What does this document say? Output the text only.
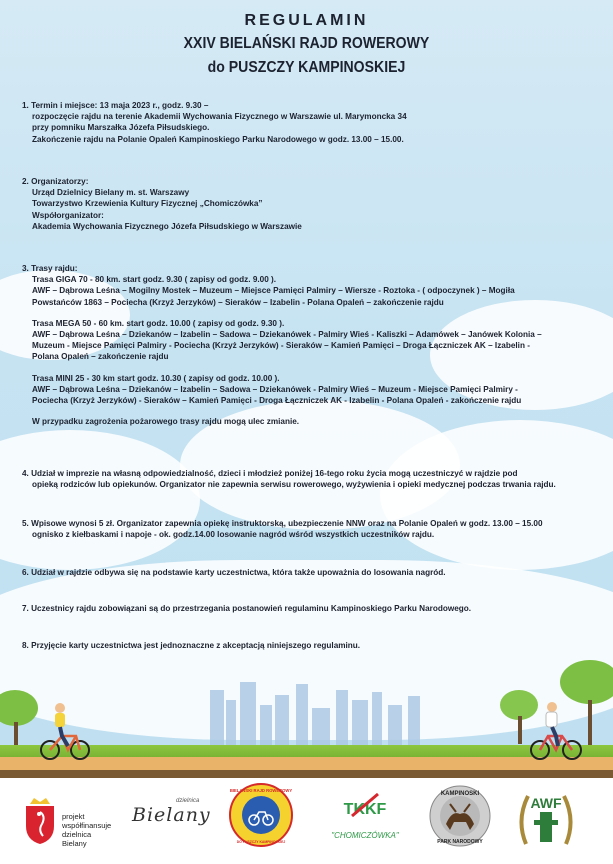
REGULAMIN
XXIV BIELAŃSKI RAJD ROWEROWY
do PUSZCZY KAMPINOSKIEJ
1. Termin i miejsce: 13 maja 2023 r., godz. 9.30 –
rozpoczęcie rajdu na terenie Akademii Wychowania Fizycznego w Warszawie ul. Marymoncka 34
przy pomniku Marszałka Józefa Piłsudskiego.
Zakończenie rajdu na Polanie Opaleń Kampinoskiego Parku Narodowego w godz. 13.00 – 15.00.
2. Organizatorzy:
Urząd Dzielnicy Bielany m. st. Warszawy
Towarzystwo Krzewienia Kultury Fizycznej „Chomiczówka”
Współorganizator:
Akademia Wychowania Fizycznego Józefa Piłsudskiego w Warszawie
3. Trasy rajdu:
Trasa GIGA 70 - 80 km. start godz. 9.30 ( zapisy od godz. 9.00 ).
AWF – Dąbrowa Leśna – Mogilny Mostek – Muzeum – Miejsce Pamięci Palmiry – Wiersze - Roztoka - ( odpoczynek ) – Mogiła
Powstańców 1863 – Pociecha (Krzyż Jerzyków) – Sieraków – Izabelin - Polana Opaleń – zakończenie rajdu
Trasa MEGA 50 - 60 km. start godz. 10.00 ( zapisy od godz. 9.30 ).
AWF – Dąbrowa Leśna – Dziekanów – Izabelin – Sadowa – Dziekanówek - Palmiry Wieś - Kaliszki – Adamówek – Janówek Kolonia –
Muzeum - Miejsce Pamięci Palmiry - Pociecha (Krzyż Jerzyków) - Sieraków – Kamień Pamięci – Droga Łączniczek AK – Izabelin -
Polana Opaleń – zakończenie rajdu
Trasa MINI 25 - 30 km start godz. 10.30 ( zapisy od godz. 10.00 ).
AWF – Dąbrowa Leśna – Dziekanów – Izabelin – Sadowa – Dziekanówek - Palmiry Wieś – Muzeum - Miejsce Pamięci Palmiry -
Pociecha (Krzyż Jerzyków) - Sieraków – Kamień Pamięci - Droga Łączniczek AK - Izabelin - Polana Opaleń - zakończenie rajdu
W przypadku zagrożenia pożarowego trasy rajdu mogą ulec zmianie.
4. Udział w imprezie na własną odpowiedzialność, dzieci i młodzież poniżej 16-tego roku życia mogą uczestniczyć w rajdzie pod
opieką rodziców lub opiekunów. Organizator nie zapewnia serwisu rowerowego, wyżywienia i opieki medycznej podczas trwania rajdu.
5. Wpisowe wynosi 5 zł. Organizator zapewnia opiekę instruktorską, ubezpieczenie NNW oraz na Polanie Opaleń w godz. 13.00 – 15.00
ognisko z kiełbaskami i napoje - ok. godz.14.00 losowanie nagród wśród wszystkich uczestników rajdu.
6. Udział w rajdzie odbywa się na podstawie karty uczestnictwa, która także upoważnia do losowania nagród.
7. Uczestnicy rajdu zobowiązani są do przestrzegania postanowień regulaminu Kampinoskiego Parku Narodowego.
8. Przyjęcie karty uczestnictwa jest jednoznaczne z akceptacją niniejszego regulaminu.
projekt
współfinansuje
dzielnica
Bielany
dzielnica
Bielany
BIELAŃSKI RAJD ROWEROWY
DO PUSZCZY KAMPINOSKIEJ
TKKF
"CHOMICZÓWKA"
KAMPINOSKI
PARK NARODOWY
AWF
